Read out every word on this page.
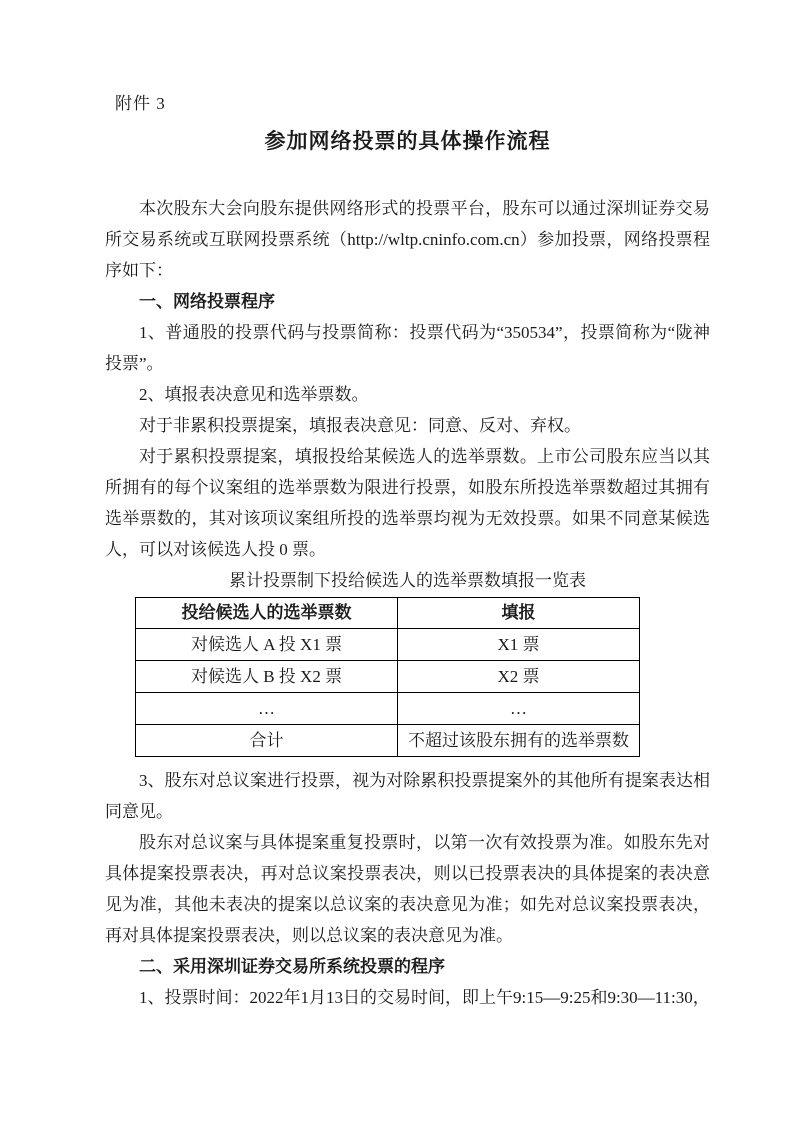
附件 3
参加网络投票的具体操作流程

本次股东大会向股东提供网络形式的投票平台，股东可以通过深圳证券交易所交易系统或互联网投票系统（http://wltp.cninfo.com.cn）参加投票，网络投票程序如下：

一、网络投票程序

1、普通股的投票代码与投票简称：投票代码为“350534”，投票简称为“陇神投票”。

2、填报表决意见和选举票数。

对于非累积投票提案，填报表决意见：同意、反对、弃权。

对于累积投票提案，填报投给某候选人的选举票数。上市公司股东应当以其所拥有的每个议案组的选举票数为限进行投票，如股东所投选举票数超过其拥有选举票数的，其对该项议案组所投的选举票均视为无效投票。如果不同意某候选人，可以对该候选人投 0 票。

累计投票制下投给候选人的选举票数填报一览表
投给候选人的选举票数	填报
对候选人 A 投 X1 票	X1 票
对候选人 B 投 X2 票	X2 票
…	…
合计	不超过该股东拥有的选举票数

3、股东对总议案进行投票，视为对除累积投票提案外的其他所有提案表达相同意见。

股东对总议案与具体提案重复投票时，以第一次有效投票为准。如股东先对具体提案投票表决，再对总议案投票表决，则以已投票表决的具体提案的表决意见为准，其他未表决的提案以总议案的表决意见为准；如先对总议案投票表决，再对具体提案投票表决，则以总议案的表决意见为准。

二、采用深圳证券交易所系统投票的程序

1、投票时间：2022年1月13日的交易时间，即上午9:15—9:25和9:30—11:30，
